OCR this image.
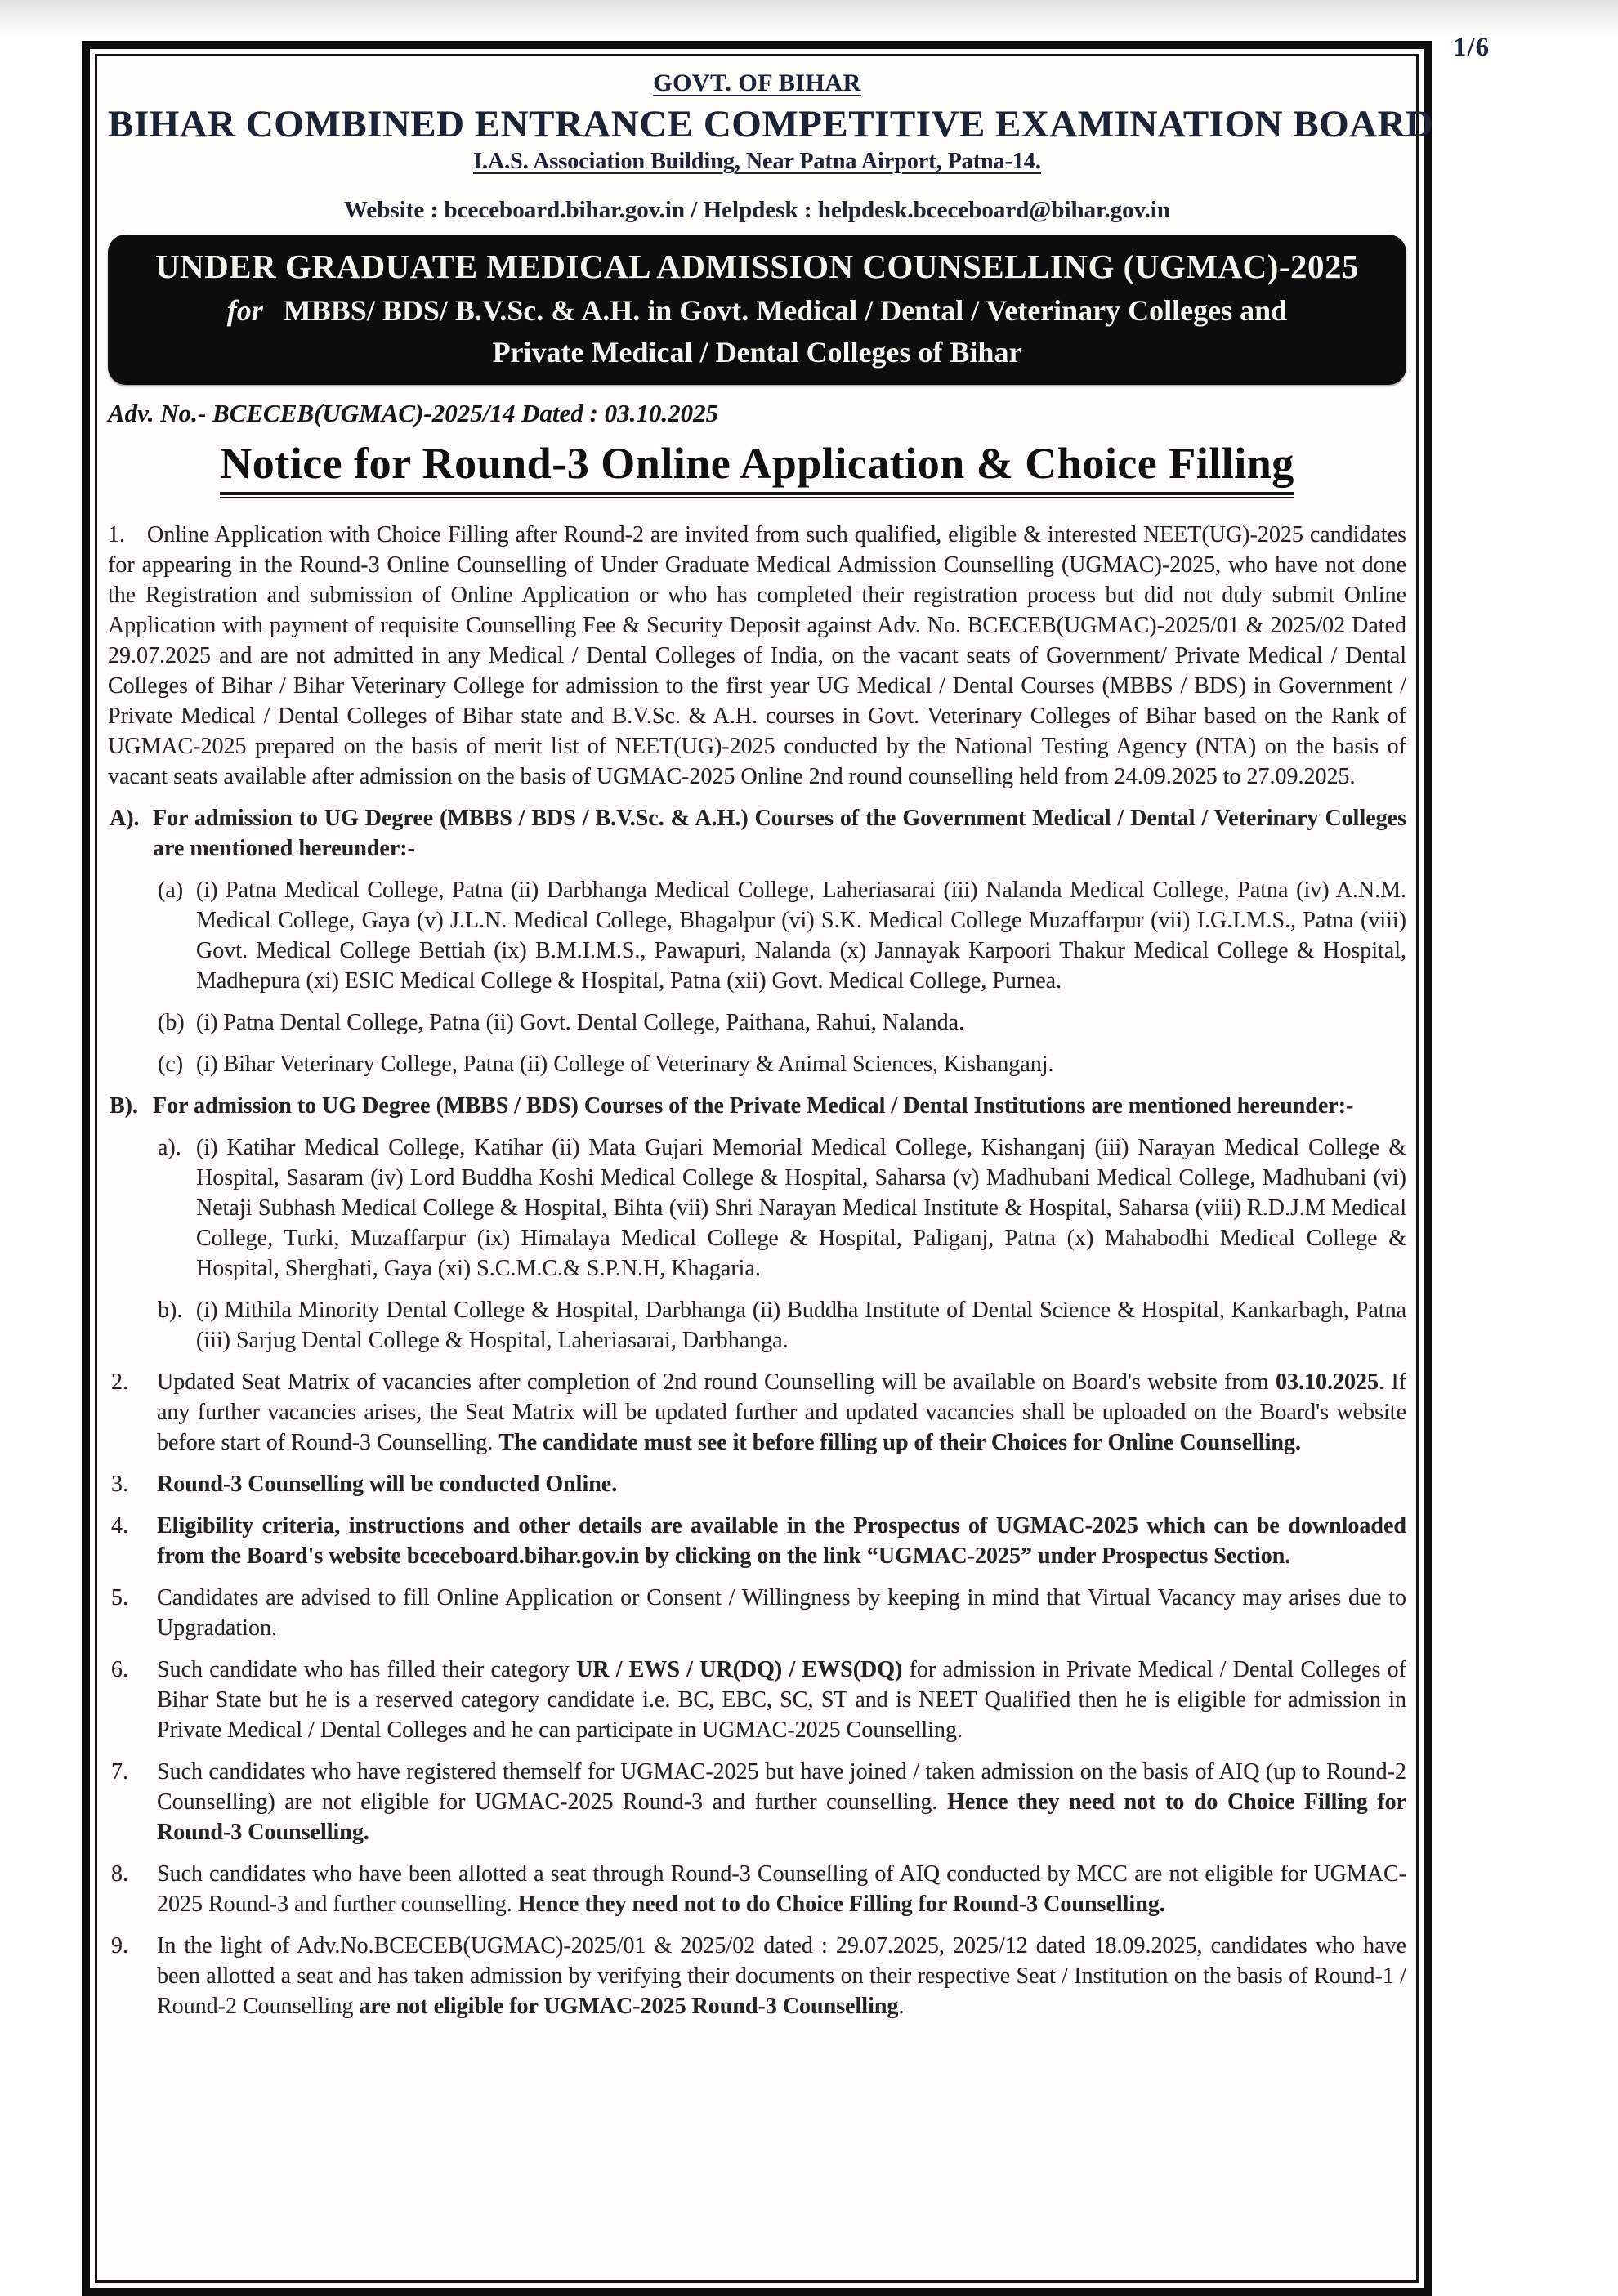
1/6
GOVT. OF BIHAR
BIHAR COMBINED ENTRANCE COMPETITIVE EXAMINATION BOARD
I.A.S. Association Building, Near Patna Airport, Patna-14.
Website : bceceboard.bihar.gov.in / Helpdesk : helpdesk.bceceboard@bihar.gov.in
UNDER GRADUATE MEDICAL ADMISSION COUNSELLING (UGMAC)-2025
for MBBS/ BDS/ B.V.Sc. & A.H. in Govt. Medical / Dental / Veterinary Colleges and
Private Medical / Dental Colleges of Bihar
Adv. No.- BCECEB(UGMAC)-2025/14 Dated : 03.10.2025
Notice for Round-3 Online Application & Choice Filling
1. Online Application with Choice Filling after Round-2 are invited from such qualified, eligible & interested NEET(UG)-2025 candidates for appearing in the Round-3 Online Counselling of Under Graduate Medical Admission Counselling (UGMAC)-2025, who have not done the Registration and submission of Online Application or who has completed their registration process but did not duly submit Online Application with payment of requisite Counselling Fee & Security Deposit against Adv. No. BCECEB(UGMAC)-2025/01 & 2025/02 Dated 29.07.2025 and are not admitted in any Medical / Dental Colleges of India, on the vacant seats of Government/ Private Medical / Dental Colleges of Bihar / Bihar Veterinary College for admission to the first year UG Medical / Dental Courses (MBBS / BDS) in Government / Private Medical / Dental Colleges of Bihar state and B.V.Sc. & A.H. courses in Govt. Veterinary Colleges of Bihar based on the Rank of UGMAC-2025 prepared on the basis of merit list of NEET(UG)-2025 conducted by the National Testing Agency (NTA) on the basis of vacant seats available after admission on the basis of UGMAC-2025 Online 2nd round counselling held from 24.09.2025 to 27.09.2025.
A). For admission to UG Degree (MBBS / BDS / B.V.Sc. & A.H.) Courses of the Government Medical / Dental / Veterinary Colleges are mentioned hereunder:-
(a) (i) Patna Medical College, Patna (ii) Darbhanga Medical College, Laheriasarai (iii) Nalanda Medical College, Patna (iv) A.N.M. Medical College, Gaya (v) J.L.N. Medical College, Bhagalpur (vi) S.K. Medical College Muzaffarpur (vii) I.G.I.M.S., Patna (viii) Govt. Medical College Bettiah (ix) B.M.I.M.S., Pawapuri, Nalanda (x) Jannayak Karpoori Thakur Medical College & Hospital, Madhepura (xi) ESIC Medical College & Hospital, Patna (xii) Govt. Medical College, Purnea.
(b) (i) Patna Dental College, Patna (ii) Govt. Dental College, Paithana, Rahui, Nalanda.
(c) (i) Bihar Veterinary College, Patna (ii) College of Veterinary & Animal Sciences, Kishanganj.
B). For admission to UG Degree (MBBS / BDS) Courses of the Private Medical / Dental Institutions are mentioned hereunder:-
a). (i) Katihar Medical College, Katihar (ii) Mata Gujari Memorial Medical College, Kishanganj (iii) Narayan Medical College & Hospital, Sasaram (iv) Lord Buddha Koshi Medical College & Hospital, Saharsa (v) Madhubani Medical College, Madhubani (vi) Netaji Subhash Medical College & Hospital, Bihta (vii) Shri Narayan Medical Institute & Hospital, Saharsa (viii) R.D.J.M Medical College, Turki, Muzaffarpur (ix) Himalaya Medical College & Hospital, Paliganj, Patna (x) Mahabodhi Medical College & Hospital, Sherghati, Gaya (xi) S.C.M.C.& S.P.N.H, Khagaria.
b). (i) Mithila Minority Dental College & Hospital, Darbhanga (ii) Buddha Institute of Dental Science & Hospital, Kankarbagh, Patna (iii) Sarjug Dental College & Hospital, Laheriasarai, Darbhanga.
2. Updated Seat Matrix of vacancies after completion of 2nd round Counselling will be available on Board's website from 03.10.2025. If any further vacancies arises, the Seat Matrix will be updated further and updated vacancies shall be uploaded on the Board's website before start of Round-3 Counselling. The candidate must see it before filling up of their Choices for Online Counselling.
3. Round-3 Counselling will be conducted Online.
4. Eligibility criteria, instructions and other details are available in the Prospectus of UGMAC-2025 which can be downloaded from the Board's website bceceboard.bihar.gov.in by clicking on the link “UGMAC-2025” under Prospectus Section.
5. Candidates are advised to fill Online Application or Consent / Willingness by keeping in mind that Virtual Vacancy may arises due to Upgradation.
6. Such candidate who has filled their category UR / EWS / UR(DQ) / EWS(DQ) for admission in Private Medical / Dental Colleges of Bihar State but he is a reserved category candidate i.e. BC, EBC, SC, ST and is NEET Qualified then he is eligible for admission in Private Medical / Dental Colleges and he can participate in UGMAC-2025 Counselling.
7. Such candidates who have registered themself for UGMAC-2025 but have joined / taken admission on the basis of AIQ (up to Round-2 Counselling) are not eligible for UGMAC-2025 Round-3 and further counselling. Hence they need not to do Choice Filling for Round-3 Counselling.
8. Such candidates who have been allotted a seat through Round-3 Counselling of AIQ conducted by MCC are not eligible for UGMAC-2025 Round-3 and further counselling. Hence they need not to do Choice Filling for Round-3 Counselling.
9. In the light of Adv.No.BCECEB(UGMAC)-2025/01 & 2025/02 dated : 29.07.2025, 2025/12 dated 18.09.2025, candidates who have been allotted a seat and has taken admission by verifying their documents on their respective Seat / Institution on the basis of Round-1 / Round-2 Counselling are not eligible for UGMAC-2025 Round-3 Counselling.
